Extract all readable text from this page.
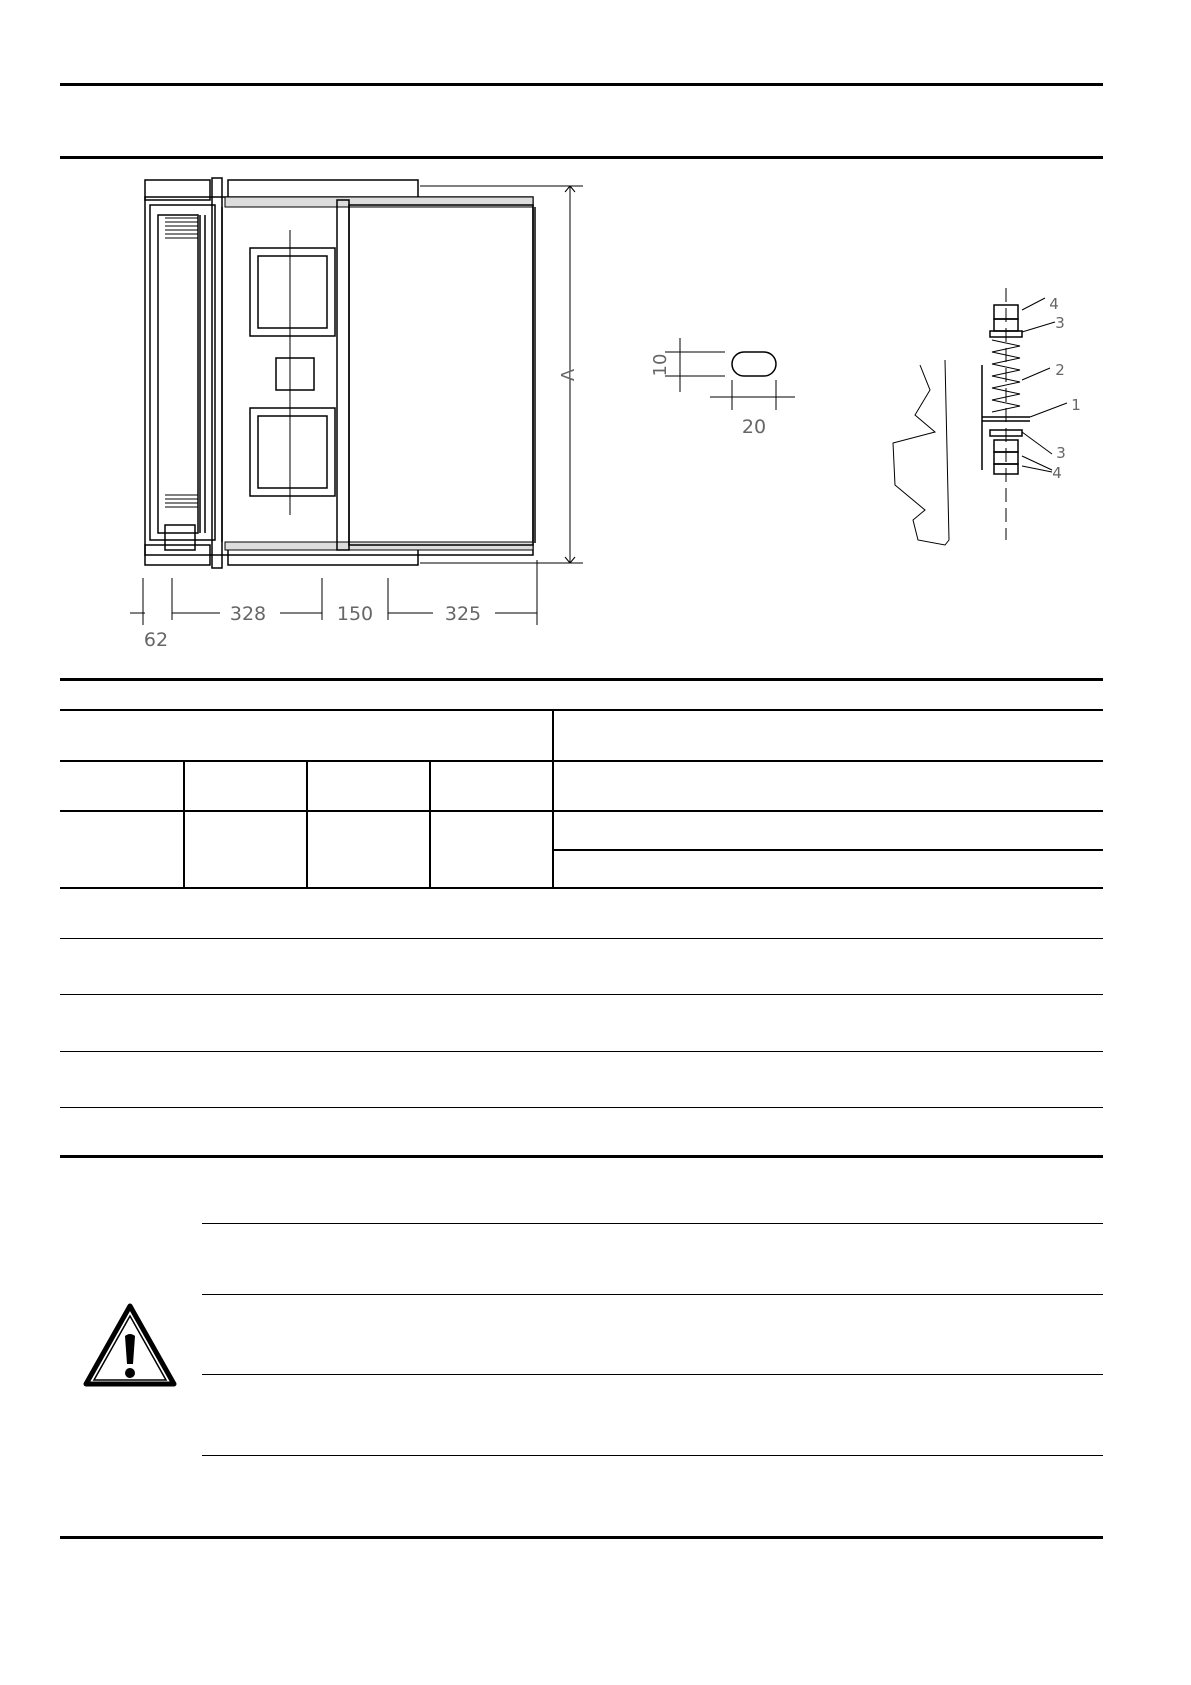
A
328	150	325
62
10
20
4
3
2
1
3
4
